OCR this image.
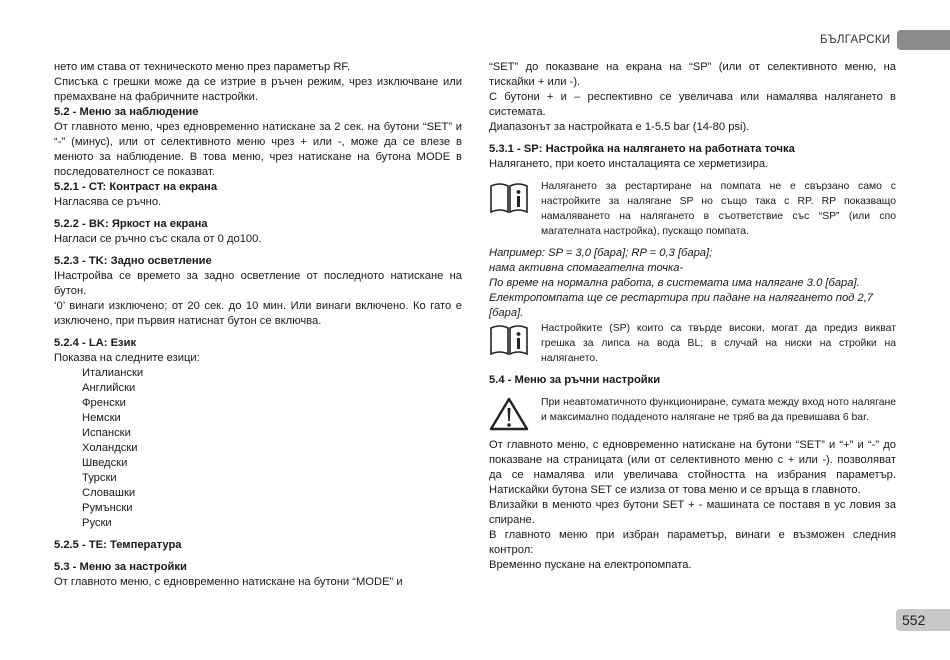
БЪЛГАРСКИ

нето им става от техническото меню през параметър RF.

Списъкa с грешки може да се изтрие в ръчен режим, чрез изключване или премахване на фабричните настройки.

5.2 - Меню за наблюдение

От главното меню, чрез едновременно натискане за 2 сек. на бутони “SET” и “-” (минус), или от селективното меню чрез + или -, може да се влезе в менюто за наблюдение. В това меню, чрез натискане на бутона MODE в последователност се показват.

5.2.1 - CT: Контраст на екрана

Нагласява се ръчно.

5.2.2 - BK: Яркост на екрана

Нагласи се ръчно със скала от 0 до100.

5.2.3 - TK: Задно осветление

IНастройва се времето за задно осветление от последното натискане на бутон.

‘0’ винаги изключено; от 20 сек. до 10 мин. Или винаги включено. Ко гато е изключено, при първия натиснат бутон се включва.

5.2.4 - LA: Език

Показва на следните езици:

Италиански

Английски

Френски

Немски

Испански

Холандски

Шведски

Турски

Словашки

Румънски

Руски

5.2.5 - TE: Температура

5.3 - Меню за настройки

От главното меню, с едновременно натискане на бутони “MODE” и

“SET” до показване на екрана на “SP” (или от селективното меню, на тискайки + или -).

С бутони + и – респективно се увеличава или намалява налягането в системата.

Диапазонът за настройката е 1-5.5 bar (14-80 psi).

5.3.1 - SP: Настройка на налягането на работната точка

Налягането, при което инсталацията се херметизира.

Налягането за рестартиране на помпата не е свързано само с настройките за налягане SP но също така с RP. RP показващо намаляването на налягането в съответствие със “SP” (или спо магателната настройка), пускащо помпата.

Например: SP = 3,0 [бара]; RP = 0,3 [бара];

нама активна спомагателна точка-

По време на нормална работа, в системата има налягане 3.0 [бара].

Електропомпата ще се рестартира при падане на налягането под 2,7 [бара].

Настройките (SP) които са твърде високи, могат да предиз викват грешка за липса на вода BL; в случай на ниски на стройки на налягането.

5.4 - Меню за ръчни настройки

При неавтоматичното функциониране, сумата между вход ното налягане и максимално подаденото налягане не тряб ва да превишава 6 bar.

От главното меню, с едновременно натискане на бутони “SET” и “+” и “-” до показване на страницата (или от селективното меню с + или -). позволяват да се намалява или увеличава стойността на избрания параметър. Натискайки бутона SET се излиза от това меню и се връща в главното.

Влизайки в менюто чрез бутони SET + - машината се поставя в ус ловия за спиране.

В главното меню при избран параметър, винаги е възможен следния контрол:

Временно пускане на електропомпата.

552
